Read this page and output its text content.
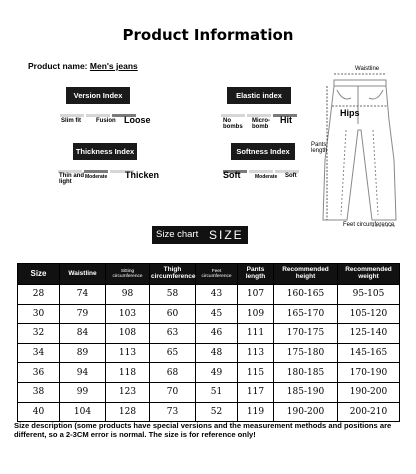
Product Information
Product name: Men's jeans
Version Index
Slim fit Fusion Loose
Elastic index
No bombs
Micro-bomb
Hit
Thickness Index
Thin and light
Moderate Thicken
Softness Index
Soft	Moderate Soft
Waistline
Hips
Pants length
Feet circumference
Size chart SIZE
Size	Waistline	Sitting circumference	Thigh circumference	Feet circumference	Pants length	Recommended height	Recommended weight
28	74	98	58	43	107	160-165	95-105
30	79	103	60	45	109	165-170	105-120
32	84	108	63	46	111	170-175	125-140
34	89	113	65	48	113	175-180	145-165
36	94	118	68	49	115	180-185	170-190
38	99	123	70	51	117	185-190	190-200
40	104	128	73	52	119	190-200	200-210
Size description (some products have special versions and the measurement methods and positions are different, so a 2-3CM error is normal. The size is for reference only!
